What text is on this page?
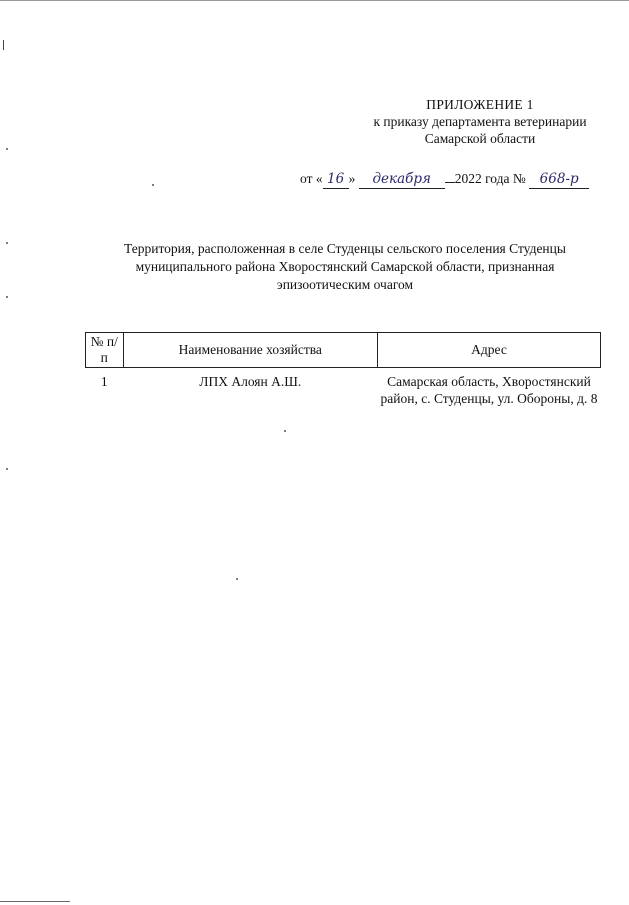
ПРИЛОЖЕНИЕ 1
к приказу департамента ветеринарии
Самарской области
от « 16 » декабря 2022 года № 668-р
Территория, расположенная в селе Студенцы сельского поселения Студенцы муниципального района Хворостянский Самарской области, признанная эпизоотическим очагом
№ п/п	Наименование хозяйства	Адрес
1	ЛПХ Алоян А.Ш.	Самарская область, Хворостянский район, с. Студенцы, ул. Обороны, д. 8
